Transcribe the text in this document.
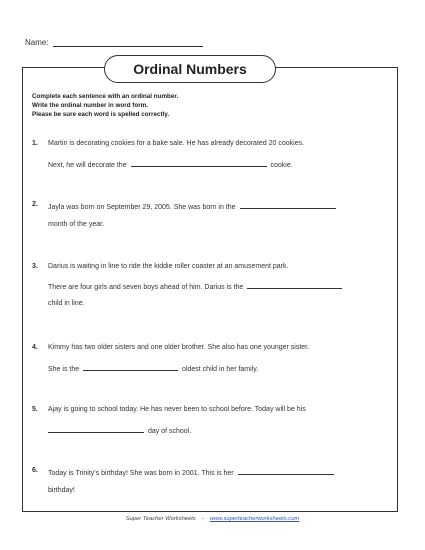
Name:
Ordinal Numbers
Complete each sentence with an ordinal number.
Write the ordinal number in word form.
Please be sure each word is spelled correctly.
1. Martin is decorating cookies for a bake sale. He has already decorated 20 cookies.
Next, he will decorate the	cookie.
2. Jayla was born on September 29, 2005. She was born in the
month of the year.
3. Darius is waiting in line to ride the kiddie roller coaster at an amusement park.
There are four girls and seven boys ahead of him. Darius is the
child in line.
4. Kimmy has two older sisters and one older brother. She also has one younger sister.
She is the	oldest child in her family.
5. Ajay is going to school today. He has never been to school before. Today will be his
day of school.
6. Today is Trinity's birthday! She was born in 2001. This is her
birthday!
Super Teacher Worksheets - www.superteacherworksheets.com
